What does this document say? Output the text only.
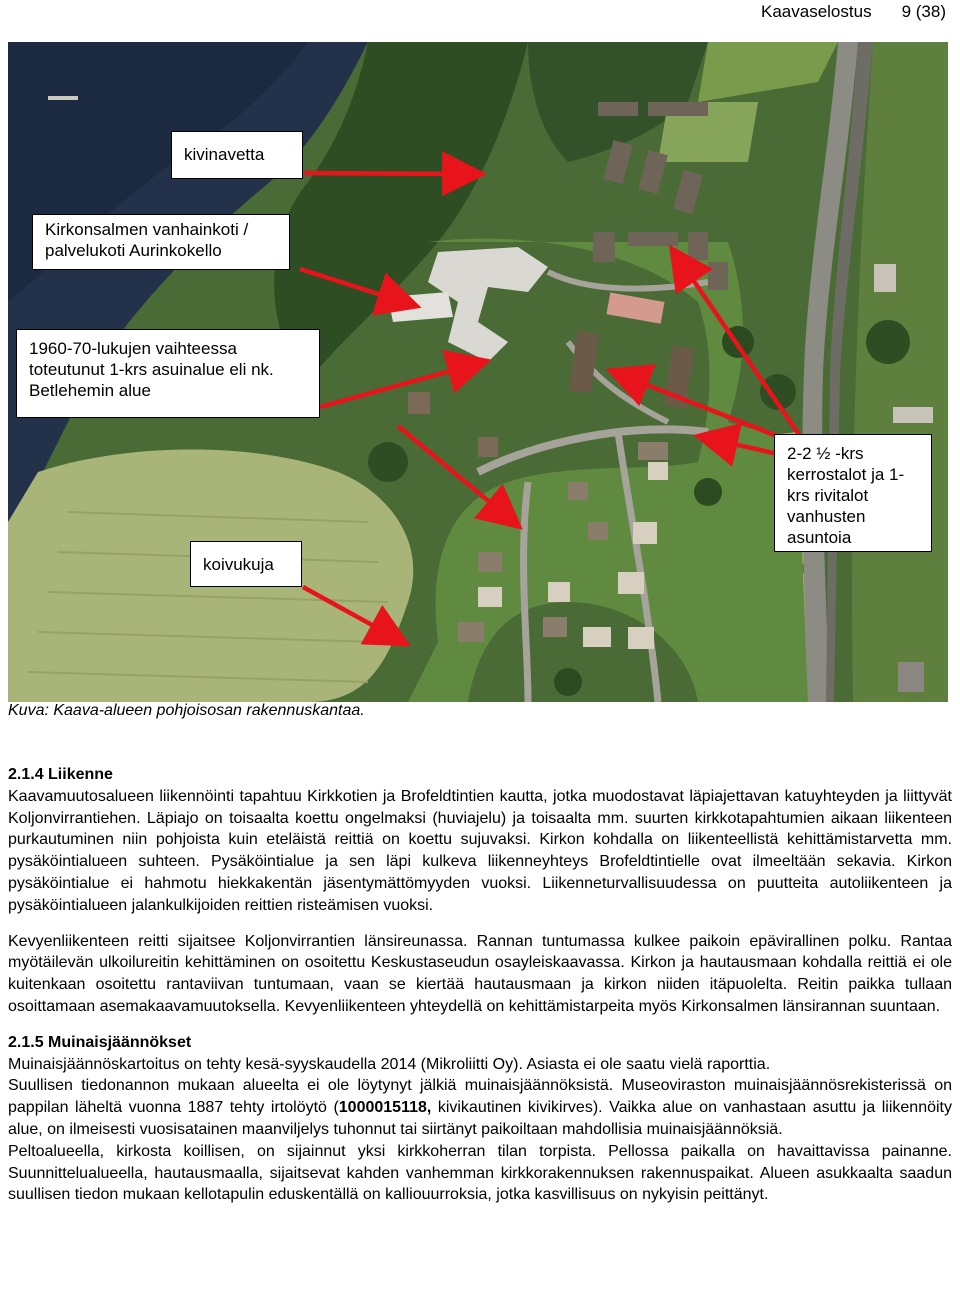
Kaavaselostus 9 (38)
kivinavetta
Kirkonsalmen vanhainkoti / palvelukoti Aurinkokello
1960-70-lukujen vaihteessa toteutunut 1-krs asuinalue eli nk. Betlehemin alue
koivukuja
2-2 ½ -krs kerrostalot ja 1-krs rivitalot vanhusten asuntoia
Kuva: Kaava-alueen pohjoisosan rakennuskantaa.
2.1.4 Liikenne

Kaavamuutosalueen liikennöinti tapahtuu Kirkkotien ja Brofeldtintien kautta, jotka muodostavat läpiajettavan katuyhteyden ja liittyvät Koljonvirrantiehen. Läpiajo on toisaalta koettu ongelmaksi (huviajelu) ja toisaalta mm. suurten kirkkotapahtumien aikaan liikenteen purkautuminen niin pohjoista kuin eteläistä reittiä on koettu sujuvaksi. Kirkon kohdalla on liikenteellistä kehittämistarvetta mm. pysäköintialueen suhteen. Pysäköintialue ja sen läpi kulkeva liikenneyhteys Brofeldtintielle ovat ilmeeltään sekavia. Kirkon pysäköintialue ei hahmotu hiekkakentän jäsentymättömyyden vuoksi. Liikenneturvallisuudessa on puutteita autoliikenteen ja pysäköintialueen jalankulkijoiden reittien risteämisen vuoksi.

Kevyenliikenteen reitti sijaitsee Koljonvirrantien länsireunassa. Rannan tuntumassa kulkee paikoin epävirallinen polku. Rantaa myötäilevän ulkoilureitin kehittäminen on osoitettu Keskustaseudun osayleiskaavassa. Kirkon ja hautausmaan kohdalla reittiä ei ole kuitenkaan osoitettu rantaviivan tuntumaan, vaan se kiertää hautausmaan ja kirkon niiden itäpuolelta. Reitin paikka tullaan osoittamaan asemakaavamuutoksella. Kevyenliikenteen yhteydellä on kehittämistarpeita myös Kirkonsalmen länsirannan suuntaan.

2.1.5 Muinaisjäännökset

Muinaisjäännöskartoitus on tehty kesä-syyskaudella 2014 (Mikroliitti Oy). Asiasta ei ole saatu vielä raporttia.

Suullisen tiedonannon mukaan alueelta ei ole löytynyt jälkiä muinaisjäännöksistä. Museoviraston muinaisjäännösrekisterissä on pappilan läheltä vuonna 1887 tehty irtolöytö (1000015118, kivikautinen kivikirves). Vaikka alue on vanhastaan asuttu ja liikennöity alue, on ilmeisesti vuosisatainen maanviljelys tuhonnut tai siirtänyt paikoiltaan mahdollisia muinaisjäännöksiä.

Peltoalueella, kirkosta koillisen, on sijainnut yksi kirkkoherran tilan torpista. Pellossa paikalla on havaittavissa painanne. Suunnittelualueella, hautausmaalla, sijaitsevat kahden vanhemman kirkkorakennuksen rakennuspaikat. Alueen asukkaalta saadun suullisen tiedon mukaan kellotapulin eduskentällä on kalliouurroksia, jotka kasvillisuus on nykyisin peittänyt.
